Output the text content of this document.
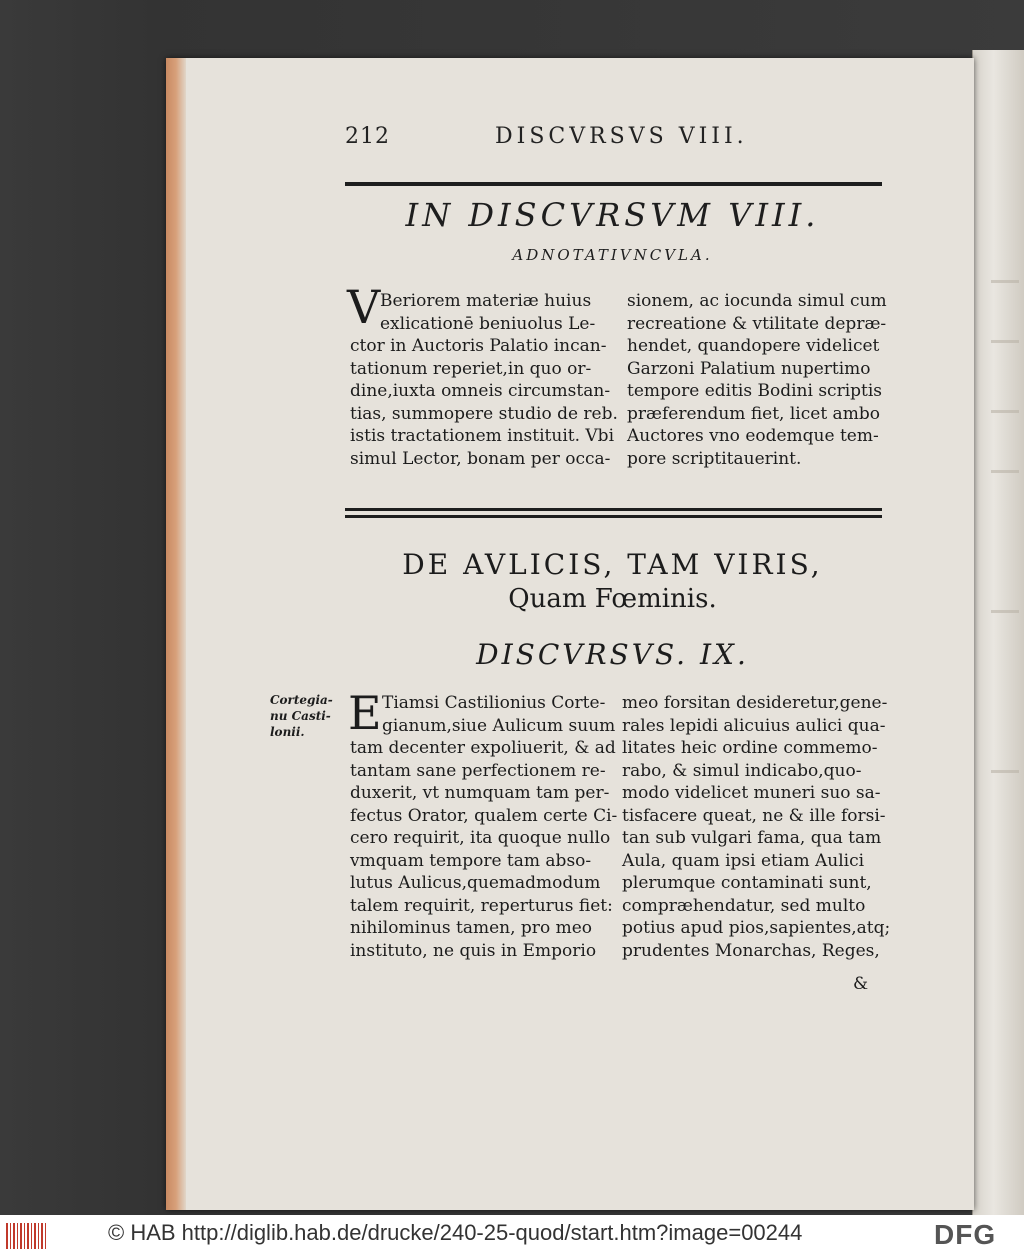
212	DISCVRSVS VIII.
IN DISCVRSVM VIII.
ADNOTATIVNCVLA.
V Beriorem materiæ huius
exlicationē beniuolus Le-
ctor in Auctoris Palatio incan-
tationum reperiet,in quo or-
dine,iuxta omneis circumstan-
tias, summopere studio de reb.
istis tractationem instituit. Vbi
simul Lector, bonam per occa-
sionem, ac iocunda simul cum
recreatione & vtilitate depræ-
hendet, quandopere videlicet
Garzoni Palatium nupertimo
tempore editis Bodini scriptis
præferendum fiet, licet ambo
Auctores vno eodemque tem-
pore scriptitauerint.
DE AVLICIS, TAM VIRIS,
Quam Fœminis.
DISCVRSVS. IX.
Cortegia-nu Casti-lonii. E Tiamsi Castilionius Corte-
gianum,siue Aulicum suum
tam decenter expoliuerit, & ad
tantam sane perfectionem re-
duxerit, vt numquam tam per-
fectus Orator, qualem certe Ci-
cero requirit, ita quoque nullo
vmquam tempore tam abso-
lutus Aulicus,quemadmodum
talem requirit, reperturus fiet:
nihilominus tamen, pro meo
instituto, ne quis in Emporio
meo forsitan desideretur,gene-
rales lepidi alicuius aulici qua-
litates heic ordine commemo-
rabo, & simul indicabo,quo-
modo videlicet muneri suo sa-
tisfacere queat, ne & ille forsi-
tan sub vulgari fama, qua tam
Aula, quam ipsi etiam Aulici
plerumque contaminati sunt,
compræhendatur, sed multo
potius apud pios,sapientes,atq;
prudentes Monarchas, Reges,
&
© HAB http://diglib.hab.de/drucke/240-25-quod/start.htm?image=00244	DFG
